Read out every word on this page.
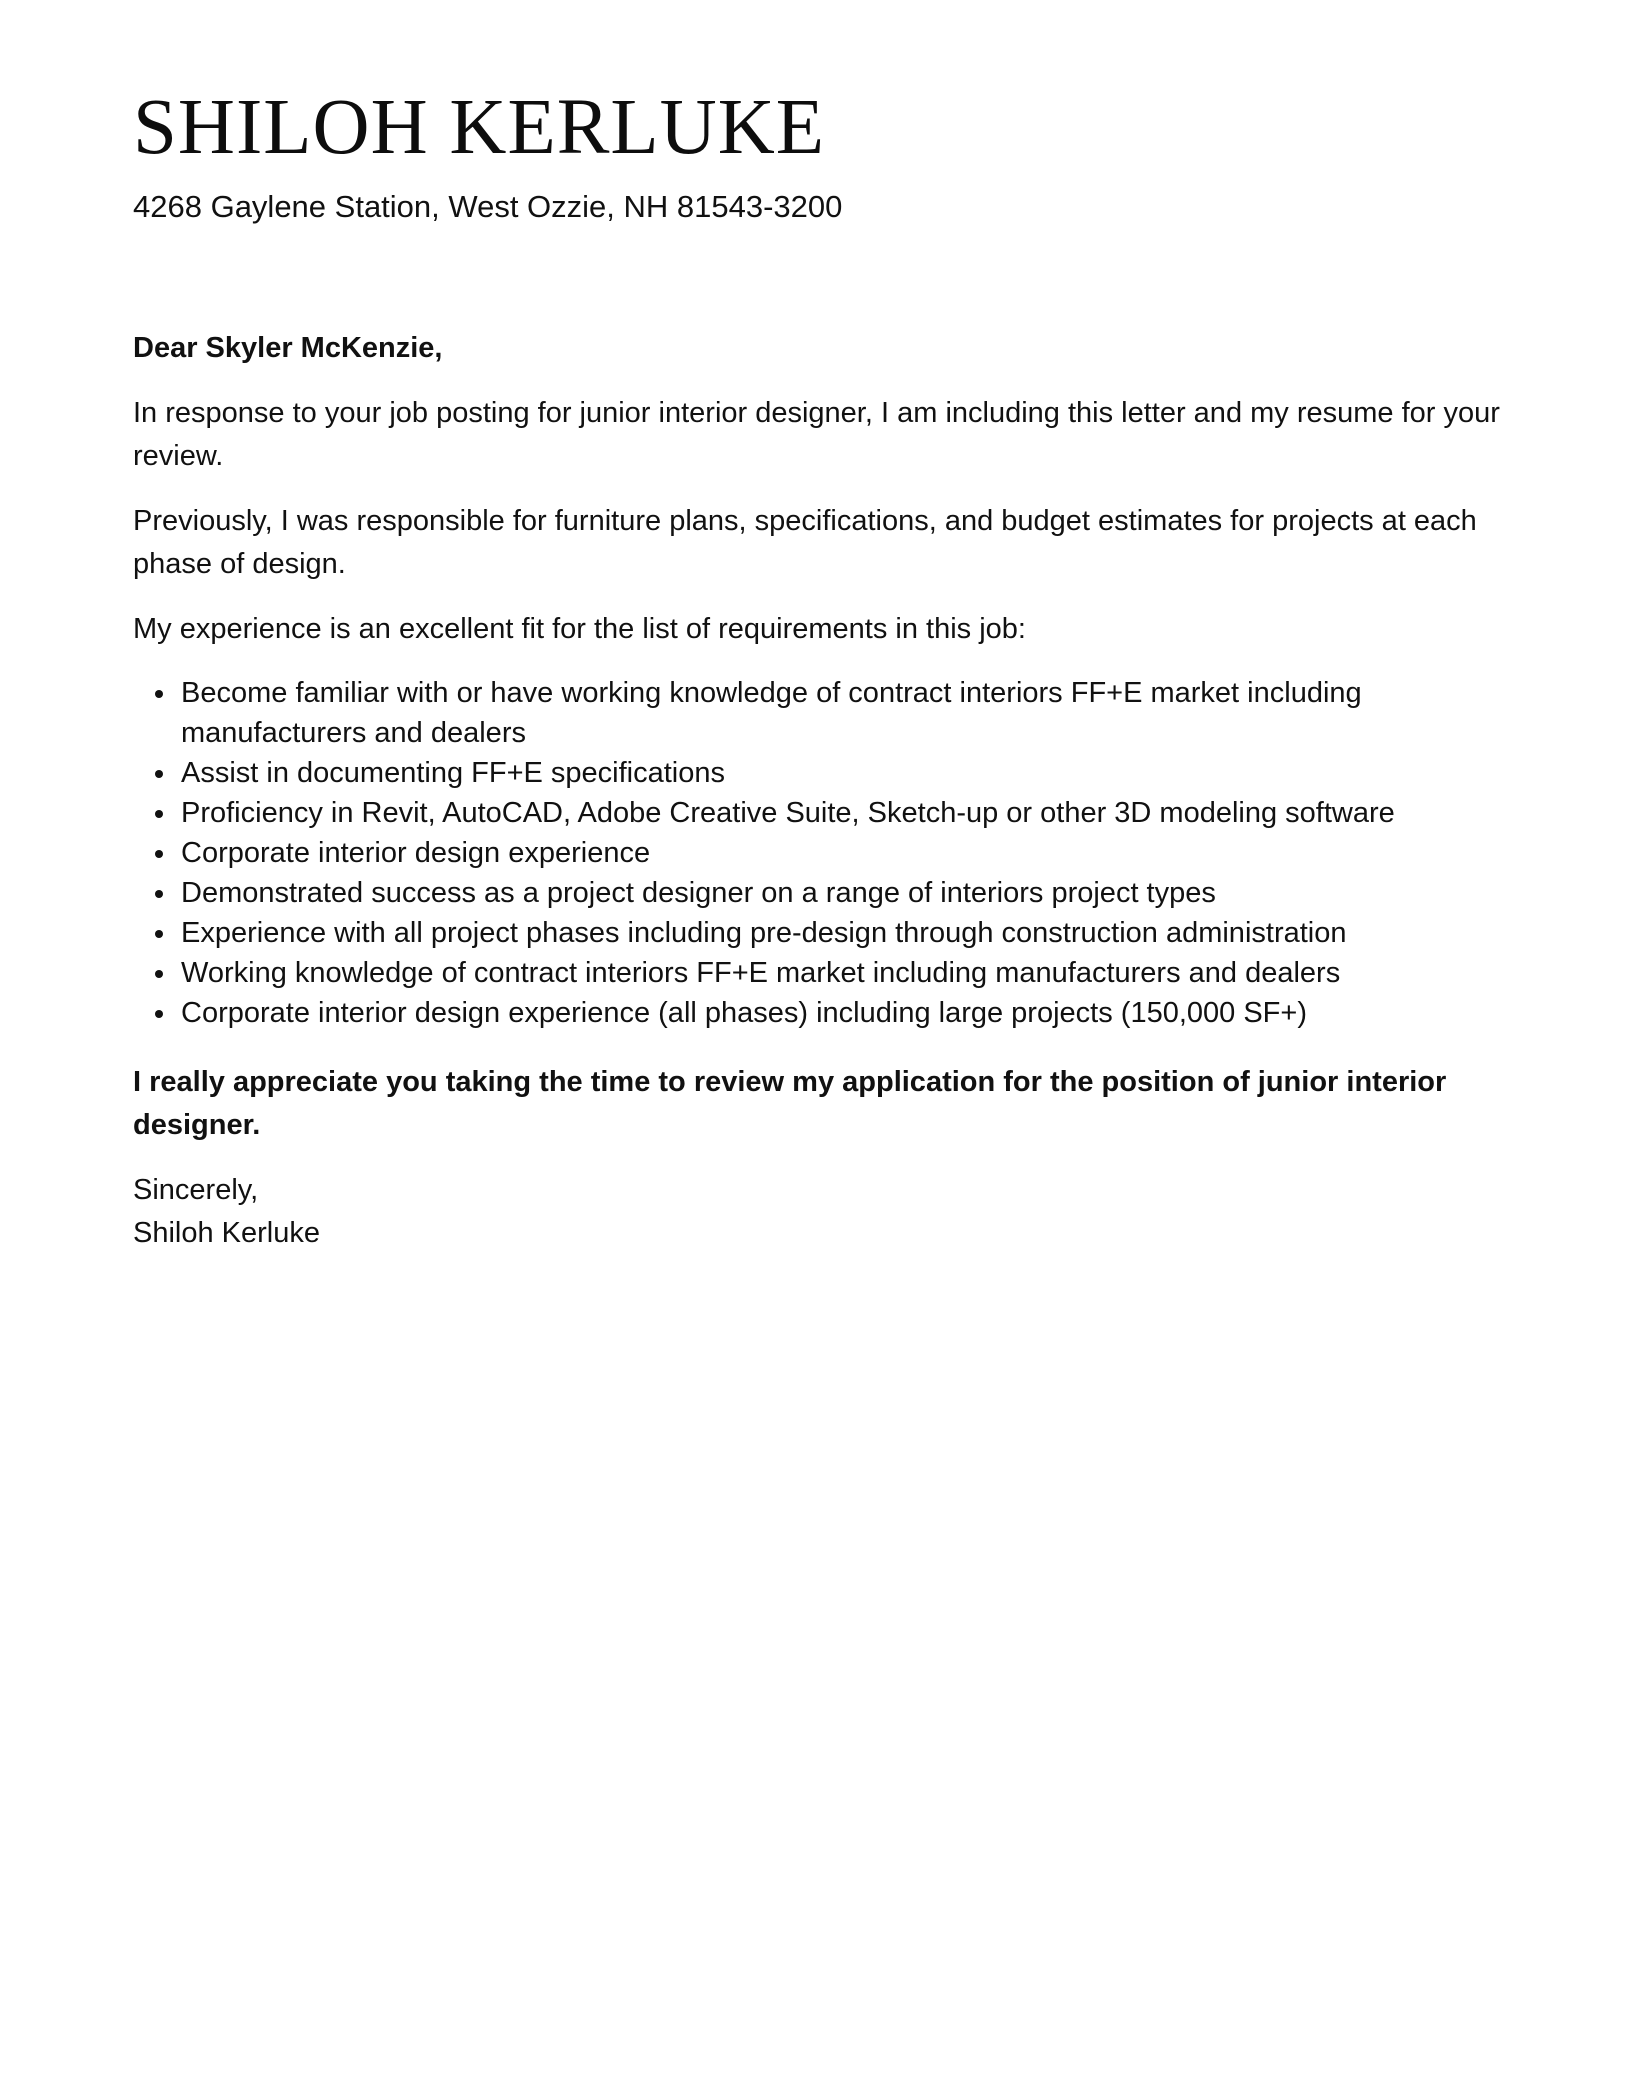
SHILOH KERLUKE
4268 Gaylene Station, West Ozzie, NH 81543-3200

Dear Skyler McKenzie,

In response to your job posting for junior interior designer, I am including this letter and my resume for your review.

Previously, I was responsible for furniture plans, specifications, and budget estimates for projects at each phase of design.

My experience is an excellent fit for the list of requirements in this job:

Become familiar with or have working knowledge of contract interiors FF+E market including manufacturers and dealers
Assist in documenting FF+E specifications
Proficiency in Revit, AutoCAD, Adobe Creative Suite, Sketch-up or other 3D modeling software
Corporate interior design experience
Demonstrated success as a project designer on a range of interiors project types
Experience with all project phases including pre-design through construction administration
Working knowledge of contract interiors FF+E market including manufacturers and dealers
Corporate interior design experience (all phases) including large projects (150,000 SF+)

I really appreciate you taking the time to review my application for the position of junior interior designer.

Sincerely,
Shiloh Kerluke
